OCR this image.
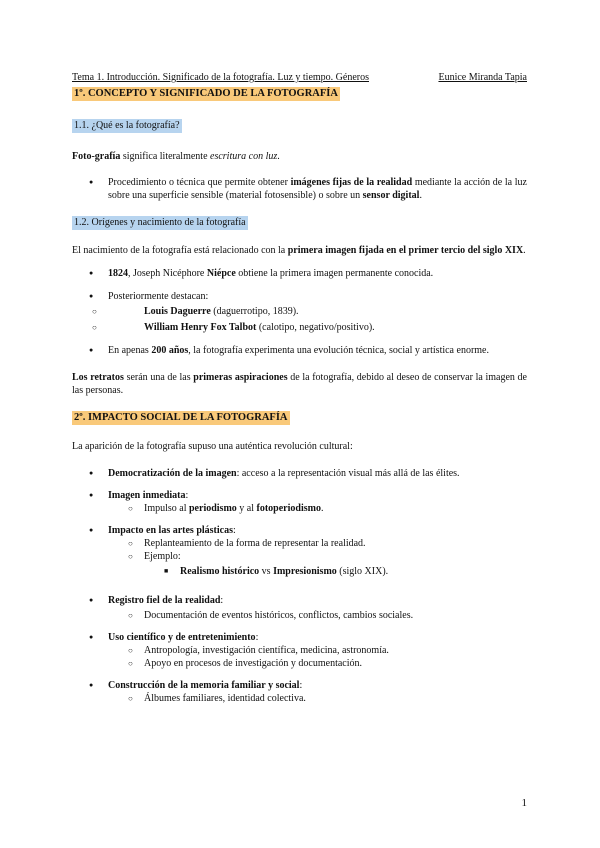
Tema 1. Introducción. Significado de la fotografía. Luz y tiempo. Géneros	Eunice Miranda Tapia
1º. CONCEPTO Y SIGNIFICADO DE LA FOTOGRAFÍA
1.1. ¿Qué es la fotografía?

Foto-grafía significa literalmente escritura con luz.

● Procedimiento o técnica que permite obtener imágenes fijas de la realidad mediante la acción de la luz sobre una superficie sensible (material fotosensible) o sobre un sensor digital.
1.2. Orígenes y nacimiento de la fotografía

El nacimiento de la fotografía está relacionado con la primera imagen fijada en el primer tercio del siglo XIX.

● 1824, Joseph Nicéphore Niépce obtiene la primera imagen permanente conocida.
● Posteriormente destacan:
○ Louis Daguerre (daguerrotipo, 1839).
○ William Henry Fox Talbot (calotipo, negativo/positivo).
● En apenas 200 años, la fotografía experimenta una evolución técnica, social y artística enorme.

Los retratos serán una de las primeras aspiraciones de la fotografía, debido al deseo de conservar la imagen de las personas.

2º. IMPACTO SOCIAL DE LA FOTOGRAFÍA

La aparición de la fotografía supuso una auténtica revolución cultural:

● Democratización de la imagen: acceso a la representación visual más allá de las élites.
● Imagen inmediata:
○ Impulso al periodismo y al fotoperiodismo.
● Impacto en las artes plásticas:
○ Replanteamiento de la forma de representar la realidad.
○ Ejemplo:
■ Realismo histórico vs Impresionismo (siglo XIX).
● Registro fiel de la realidad:
○ Documentación de eventos históricos, conflictos, cambios sociales.
● Uso científico y de entretenimiento:
○ Antropología, investigación científica, medicina, astronomía.
○ Apoyo en procesos de investigación y documentación.
● Construcción de la memoria familiar y social:
○ Álbumes familiares, identidad colectiva.
1
